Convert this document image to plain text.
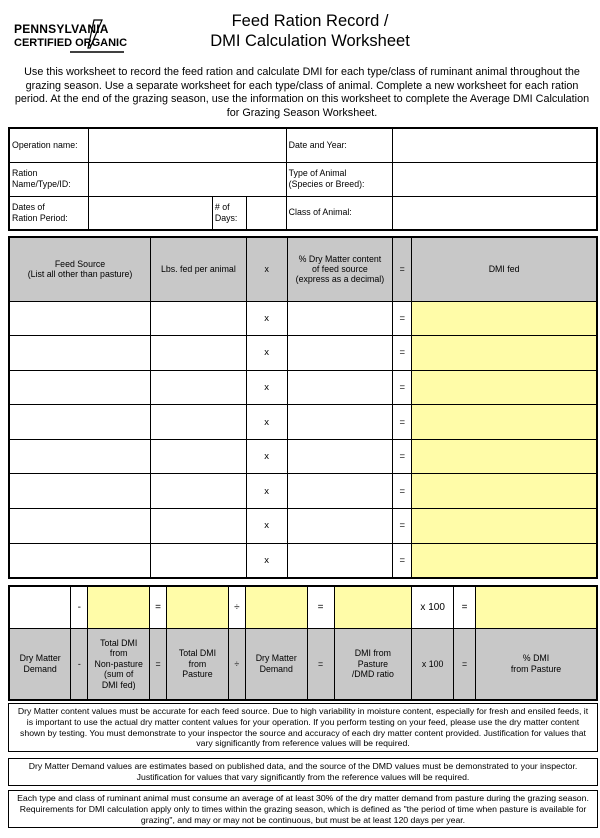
PENNSYLVANIA
CERTIFIED ORGANIC
Feed Ration Record /
DMI Calculation Worksheet
Use this worksheet to record the feed ration and calculate DMI for each type/class of ruminant animal throughout the grazing season. Use a separate worksheet for each type/class of animal. Complete a new worksheet for each ration period. At the end of the grazing season, use the information on this worksheet to complete the Average DMI Calculation for Grazing Season Worksheet.
Operation name:				Date and Year:	
Ration
Name/Type/ID:				Type of Animal
(Species or Breed):	
Dates of
Ration Period:		# of
Days:		Class of Animal:	
Feed Source
(List all other than pasture)	Lbs. fed per animal	x	% Dry Matter content
of feed source
(express as a decimal)	=	DMI fed
		x		=	
		x		=	
		x		=	
		x		=	
		x		=	
		x		=	
		x		=	
		x		=	
	-		=		÷		=		x 100	=	
Dry Matter
Demand	-	Total DMI
from
Non-pasture
(sum of
DMI fed)	=	Total DMI
from
Pasture	÷	Dry Matter
Demand	=	DMI from
Pasture
/DMD ratio	x 100	=	% DMI
from Pasture
Dry Matter content values must be accurate for each feed source. Due to high variability in moisture content, especially for fresh and ensiled feeds, it is important to use the actual dry matter content values for your operation. If you perform testing on your feed, please use the dry matter content shown by testing. You must demonstrate to your inspector the source and accuracy of each dry matter content provided. Justification for values that vary significantly from reference values will be required.
Dry Matter Demand values are estimates based on published data, and the source of the DMD values must be demonstrated to your inspector. Justification for values that vary significantly from the reference values will be required.
Each type and class of ruminant animal must consume an average of at least 30% of the dry matter demand from pasture during the grazing season. Requirements for DMI calculation apply only to times within the grazing season, which is defined as "the period of time when pasture is available for grazing", and may or may not be continuous, but must be at least 120 days per year.
